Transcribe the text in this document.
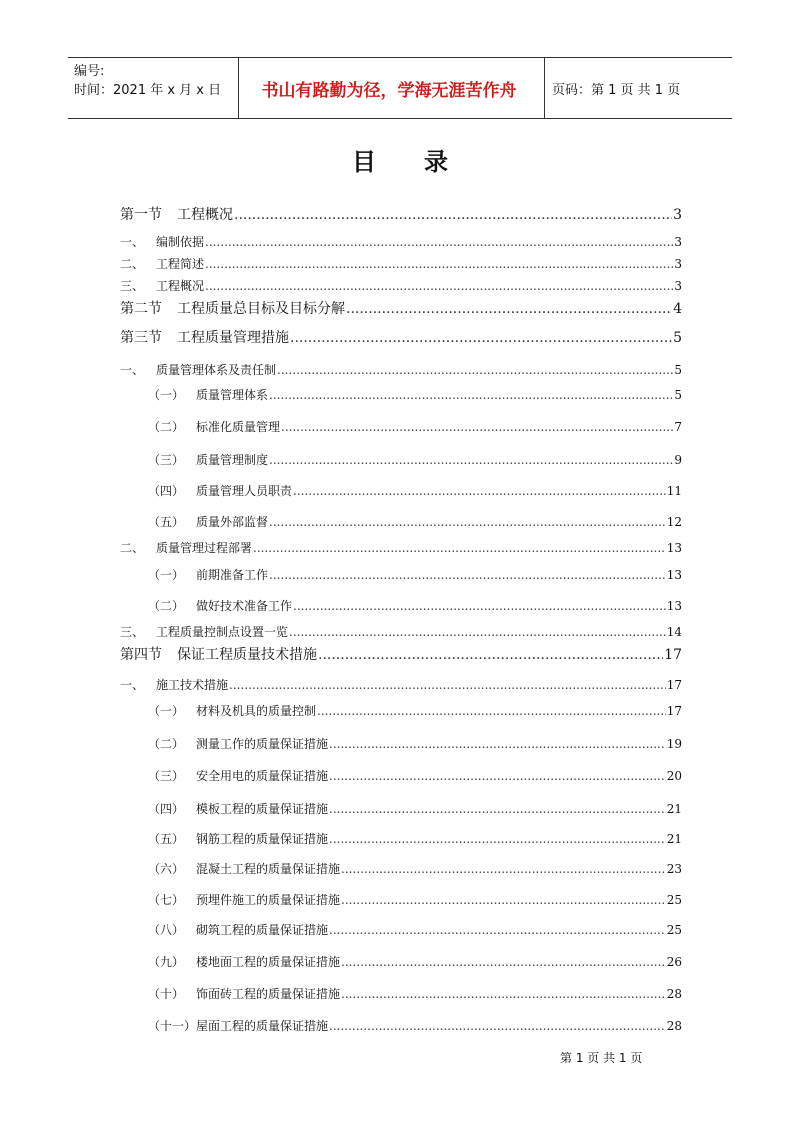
编号:
时间：2021 年 x 月 x 日	书山有路勤为径，学海无涯苦作舟	页码：第 1 页 共 1 页
目录
第一节	工程概况 .....	3
一、 编制依据 .....	3
二、 工程简述 .....	3
三、 工程概况 .....	3
第二节	工程质量总目标及目标分解 .....	4
第三节	工程质量管理措施 .....	5
一、 质量管理体系及责任制 .....	5
（一） 质量管理体系 .....	5
（二） 标准化质量管理 .....	7
（三） 质量管理制度 .....	9
（四） 质量管理人员职责 .....	11
（五） 质量外部监督 .....	12
二、 质量管理过程部署 .....	13
（一） 前期准备工作 .....	13
（二） 做好技术准备工作 .....	13
三、 工程质量控制点设置一览 .....	14
第四节	保证工程质量技术措施 .....	17
一、 施工技术措施 .....	17
（一） 材料及机具的质量控制 .....	17
（二） 测量工作的质量保证措施 .....	19
（三） 安全用电的质量保证措施 .....	20
（四） 模板工程的质量保证措施 .....	21
（五） 钢筋工程的质量保证措施 .....	21
（六） 混凝土工程的质量保证措施 .....	23
（七） 预埋件施工的质量保证措施 .....	25
（八） 砌筑工程的质量保证措施 .....	25
（九） 楼地面工程的质量保证措施 .....	26
（十） 饰面砖工程的质量保证措施 .....	28
（十一） 屋面工程的质量保证措施 .....	28
第 1 页 共 1 页
